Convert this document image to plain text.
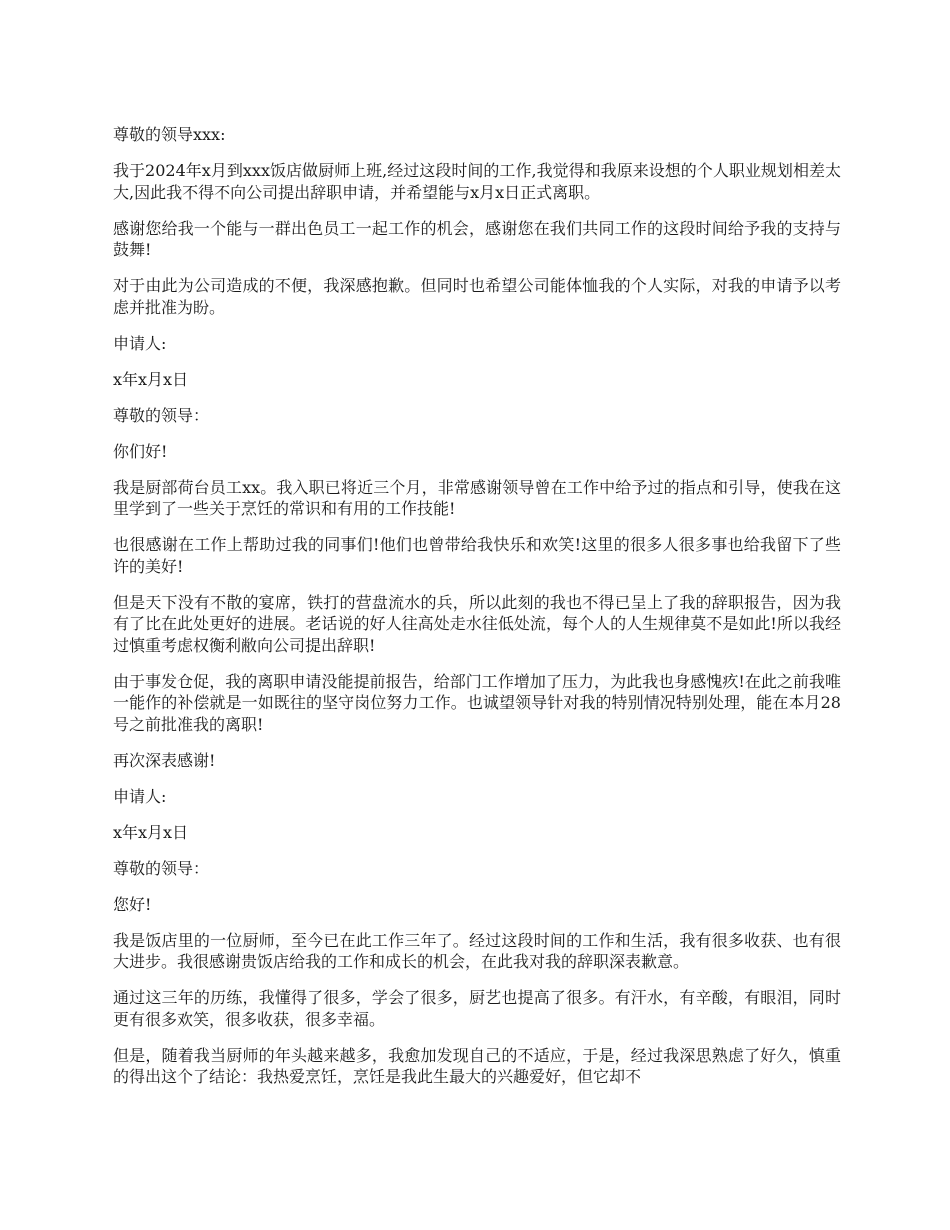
尊敬的领导xxx:

我于2024年x月到xxx饭店做厨师上班,经过这段时间的工作,我觉得和我原来设想的个人职业规划相差太大,因此我不得不向公司提出辞职申请，并希望能与x月x日正式离职。

感谢您给我一个能与一群出色员工一起工作的机会，感谢您在我们共同工作的这段时间给予我的支持与鼓舞!

对于由此为公司造成的不便，我深感抱歉。但同时也希望公司能体恤我的个人实际，对我的申请予以考虑并批准为盼。

申请人:

x年x月x日

尊敬的领导：

你们好!

我是厨部荷台员工xx。我入职已将近三个月，非常感谢领导曾在工作中给予过的指点和引导，使我在这里学到了一些关于烹饪的常识和有用的工作技能!

也很感谢在工作上帮助过我的同事们!他们也曾带给我快乐和欢笑!这里的很多人很多事也给我留下了些许的美好!

但是天下没有不散的宴席，铁打的营盘流水的兵，所以此刻的我也不得已呈上了我的辞职报告，因为我有了比在此处更好的进展。老话说的好人往高处走水往低处流，每个人的人生规律莫不是如此!所以我经过慎重考虑权衡利敝向公司提出辞职!

由于事发仓促，我的离职申请没能提前报告，给部门工作增加了压力，为此我也身感愧疚!在此之前我唯一能作的补偿就是一如既往的坚守岗位努力工作。也诚望领导针对我的特别情况特别处理，能在本月28号之前批准我的离职!

再次深表感谢!

申请人:

x年x月x日

尊敬的领导：

您好!

我是饭店里的一位厨师，至今已在此工作三年了。经过这段时间的工作和生活，我有很多收获、也有很大进步。我很感谢贵饭店给我的工作和成长的机会，在此我对我的辞职深表歉意。

通过这三年的历练，我懂得了很多，学会了很多，厨艺也提高了很多。有汗水，有辛酸，有眼泪，同时更有很多欢笑，很多收获，很多幸福。

但是，随着我当厨师的年头越来越多，我愈加发现自己的不适应，于是，经过我深思熟虑了好久，慎重的得出这个了结论：我热爱烹饪，烹饪是我此生最大的兴趣爱好，但它却不
